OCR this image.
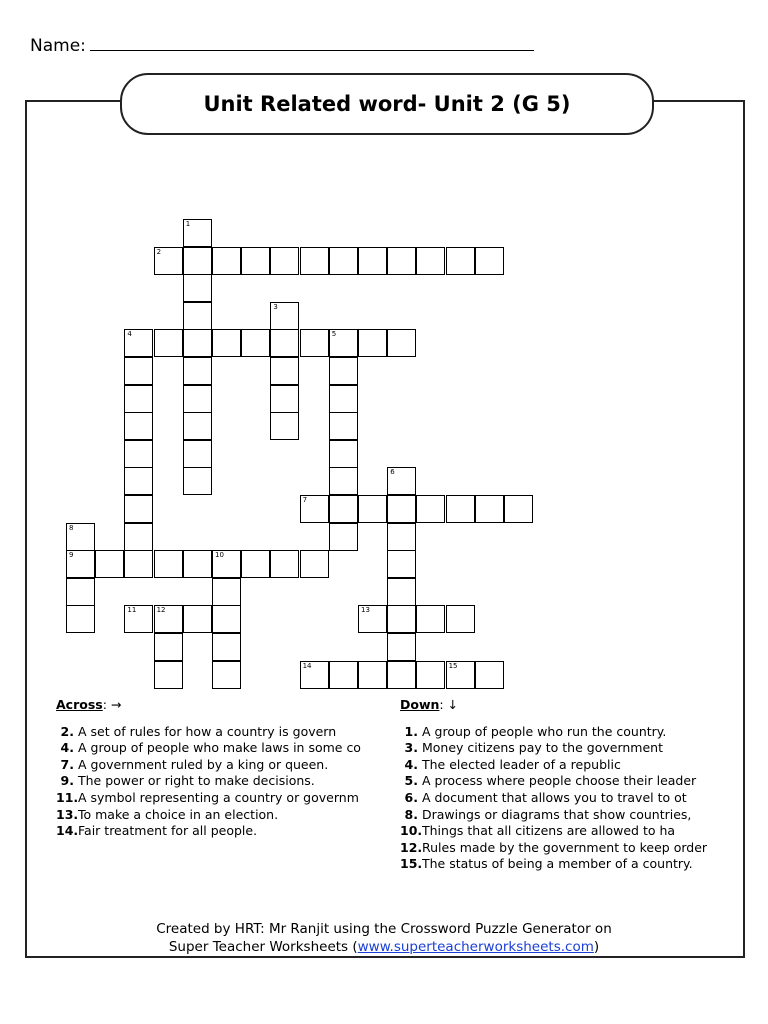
Name:
Unit Related word- Unit 2 (G 5)
1
2
3
4	5
6
7
8
9	10
11	12	13
14	15
Across: →
2. A set of rules for how a country is govern
4. A group of people who make laws in some co
7. A government ruled by a king or queen.
9. The power or right to make decisions.
11. A symbol representing a country or governm
13. To make a choice in an election.
14. Fair treatment for all people.
Down: ↓
1. A group of people who run the country.
3. Money citizens pay to the government
4. The elected leader of a republic
5. A process where people choose their leader
6. A document that allows you to travel to ot
8. Drawings or diagrams that show countries,
10. Things that all citizens are allowed to ha
12. Rules made by the government to keep order
15. The status of being a member of a country.
Created by HRT: Mr Ranjit using the Crossword Puzzle Generator on
Super Teacher Worksheets (www.superteacherworksheets.com)
